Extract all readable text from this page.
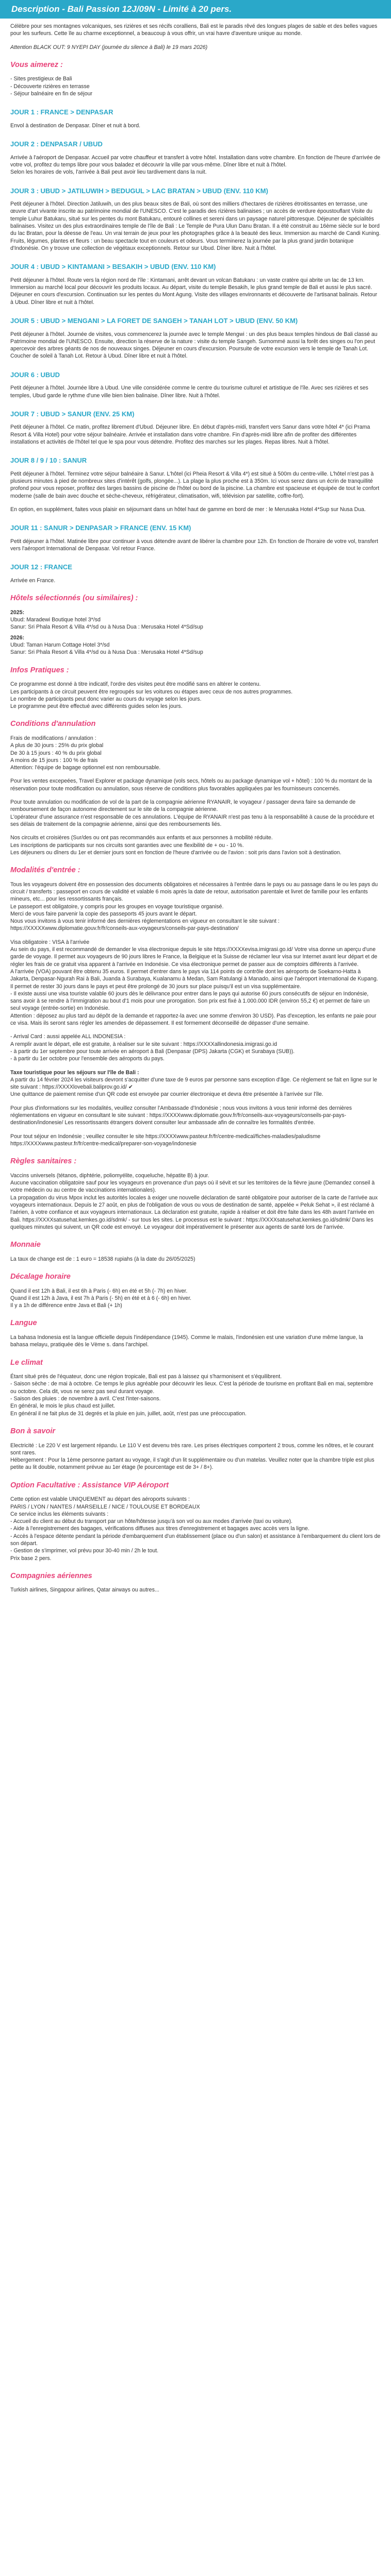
Description - Bali Passion 12J/09N - Limité à 20 pers.

Célèbre pour ses montagnes volcaniques, ses rizières et ses récifs coralliens, Bali est le paradis rêvé des longues plages de sable et des belles vagues pour les surfeurs. Cette île au charme exceptionnel, a beaucoup à vous offrir, un vrai havre d'aventure unique au monde.

Attention BLACK OUT: 9 NYEPI DAY (journée du silence à Bali) le 19 mars 2026)

Vous aimerez :
- Sites prestigieux de Bali
- Découverte rizières en terrasse
- Séjour balnéaire en fin de séjour
JOUR 1 : FRANCE > DENPASAR

Envol à destination de Denpasar. Dîner et nuit à bord.

JOUR 2 : DENPASAR / UBUD

Arrivée à l'aéroport de Denpasar. Accueil par votre chauffeur et transfert à votre hôtel. Installation dans votre chambre. En fonction de l'heure d'arrivée de votre vol, profitez du temps libre pour vous baladez et découvrir la ville par vous-même. Dîner libre et nuit à l'hôtel.
Selon les horaires de vols, l'arrivée à Bali peut avoir lieu tardivement dans la nuit.

JOUR 3 : UBUD > JATILUWIH > BEDUGUL > LAC BRATAN > UBUD (ENV. 110 KM)

Petit déjeuner à l'hôtel. Direction Jatiluwih, un des plus beaux sites de Bali, où sont des milliers d'hectares de rizières étroitissantes en terrasse, une œuvre d'art vivante inscrite au patrimoine mondial de l'UNESCO. C'est le paradis des rizières balinaises ; un accès de verdure époustouflant Visite du temple Luhur Batukaru, situé sur les pentes du mont Batukaru, entouré collines et sereni dans un paysage naturel pittoresque. Déjeuner de spécialités balinaises. Visitez un des plus extraordinaires temple de l'île de Bali : Le Temple de Pura Ulun Danu Bratan. Il a été construit au 16ème siècle sur le bord du lac Bratan, pour la déesse de l'eau. Un vrai terrain de jeux pour les photographes grâce à la beauté des lieux. Immersion au marché de Candi Kuning. Fruits, légumes, plantes et fleurs : un beau spectacle tout en couleurs et odeurs. Vous terminerez la journée par la plus grand jardin botanique d'Indonésie. On y trouve une collection de végétaux exceptionnels. Retour sur Ubud. Dîner libre. Nuit à l'hôtel.

JOUR 4 : UBUD > KINTAMANI > BESAKIH > UBUD (ENV. 110 KM)

Petit déjeuner à l'hôtel. Route vers la région nord de l'île : Kintamani, arrêt devant un volcan Batukaru : un vaste cratère qui abrite un lac de 13 km. Immersion au marché local pour découvrir les produits locaux. Au départ, visite du temple Besakih, le plus grand temple de Bali et aussi le plus sacré. Déjeuner en cours d'excursion. Continuation sur les pentes du Mont Agung. Visite des villages environnants et découverte de l'artisanat balinais. Retour à Ubud. Dîner libre et nuit à l'hôtel.

JOUR 5 : UBUD > MENGANI > LA FORET DE SANGEH > TANAH LOT > UBUD (ENV. 50 KM)

Petit déjeuner à l'hôtel. Journée de visites, vous commencerez la journée avec le temple Mengwi : un des plus beaux temples hindous de Bali classé au Patrimoine mondial de l'UNESCO. Ensuite, direction la réserve de la nature : visite du temple Sangeh. Surnommé aussi la forêt des singes ou l'on peut apercevoir des arbres géants de nos de nouveaux singes. Déjeuner en cours d'excursion. Poursuite de votre excursion vers le temple de Tanah Lot. Coucher de soleil à Tanah Lot. Retour à Ubud. Dîner libre et nuit à l'hôtel.

JOUR 6 : UBUD

Petit déjeuner à l'hôtel. Journée libre à Ubud. Une ville considérée comme le centre du tourisme culturel et artistique de l'île. Avec ses rizières et ses temples, Ubud garde le rythme d'une ville bien bien balinaise. Dîner libre. Nuit à l'hôtel.

JOUR 7 : UBUD > SANUR (ENV. 25 KM)

Petit déjeuner à l'hôtel. Ce matin, profitez librement d'Ubud. Déjeuner libre. En début d'après-midi, transfert vers Sanur dans votre hôtel 4* (ici Prama Resort & Villa Hotel) pour votre séjour balnéaire. Arrivée et installation dans votre chambre. Fin d'après-midi libre afin de profiter des différentes installations et activités de l'hôtel tel que le spa pour vous détendre. Profitez des marches sur les plages. Repas libres. Nuit à l'hôtel.

JOUR 8 / 9 / 10 : SANUR

Petit déjeuner à l'hôtel. Terminez votre séjour balnéaire à Sanur. L'hôtel (ici Pheia Resort & Villa 4*) est situé à 500m du centre-ville. L'hôtel n'est pas à plusieurs minutes à pied de nombreux sites d'intérêt (golfs, plongée...). La plage la plus proche est à 350m. Ici vous serez dans un écrin de tranquillité profond pour vous reposer, profitez des larges bassins de piscine de l'hôtel ou bord de la piscine. La chambre est spacieuse et équipée de tout le confort moderne (salle de bain avec douche et sèche-cheveux, réfrigérateur, climatisation, wifi, télévision par satellite, coffre-fort).

En option, en supplément, faites vous plaisir en séjournant dans un hôtel haut de gamme en bord de mer : le Merusaka Hotel 4*Sup sur Nusa Dua.

JOUR 11 : SANUR > DENPASAR > FRANCE (ENV. 15 KM)

Petit déjeuner à l'hôtel. Matinée libre pour continuer à vous détendre avant de libérer la chambre pour 12h. En fonction de l'horaire de votre vol, transfert vers l'aéroport International de Denpasar. Vol retour France.

JOUR 12 : FRANCE

Arrivée en France.

Hôtels sélectionnés (ou similaires) :
2025:
Ubud: Maradewi Boutique hotel 3*/sd
Sanur: Sri Phala Resort & Villa 4*/sd ou à Nusa Dua : Merusaka Hotel 4*Sd/sup
2026:
Ubud: Taman Harum Cottage Hotel 3*/sd
Sanur: Sri Phala Resort & Villa 4*/sd ou à Nusa Dua : Merusaka Hotel 4*Sd/sup
Infos Pratiques :

Ce programme est donné à titre indicatif, l'ordre des visites peut être modifié sans en altérer le contenu.
Les participants à ce circuit peuvent être regroupés sur les voitures ou étapes avec ceux de nos autres programmes.
Le nombre de participants peut donc varier au cours du voyage selon les jours.
Le programme peut être effectué avec différents guides selon les jours.

Conditions d'annulation

Frais de modifications / annulation :
A plus de 30 jours : 25% du prix global
De 30 à 15 jours : 40 % du prix global
A moins de 15 jours : 100 % de frais
Attention: l'équipe de bagage optionnel est non remboursable.

Pour les ventes excepeées, Travel Explorer et package dynamique (vols secs, hôtels ou au package dynamique vol + hôtel) : 100 % du montant de la réservation pour toute modification ou annulation, sous réserve de conditions plus favorables appliquées par les fournisseurs concernés.

Pour toute annulation ou modification de vol de la part de la compagnie aérienne RYANAIR, le voyageur / passager devra faire sa demande de remboursement de façon autonome directement sur le site de la compagnie aérienne.
L'opérateur d'une assurance n'est responsable de ces annulations. L'équipe de RYANAIR n'est pas tenu à la responsabilité à cause de la procédure et ses délais de traitement de la compagnie aérienne, ainsi que des remboursements liés.

Nos circuits et croisières (Sur/des ou ont pas recommandés aux enfants et aux personnes à mobilité réduite.
Les inscriptions de participants sur nos circuits sont garanties avec une flexibilité de + ou - 10 %.
Les déjeuners ou dîners du 1er et dernier jours sont en fonction de l'heure d'arrivée ou de l'avion : soit pris dans l'avion soit à destination.

Modalités d'entrée :

Tous les voyageurs doivent être en possession des documents obligatoires et nécessaires à l'entrée dans le pays ou au passage dans le ou les pays du circuit / transferts : passeport en cours de validité et valable 6 mois après la date de retour, autorisation parentale et livret de famille pour les enfants mineurs, etc... pour les ressortissants français.
Le passeport est obligatoire, y compris pour les groupes en voyage touristique organisé.
Merci de vous faire parvenir la copie des passeports 45 jours avant le départ.
Nous vous invitons à vous tenir informé des dernières réglementations en vigueur en consultant le site suivant : https://XXXXXwww.diplomatie.gouv.fr/fr/conseils-aux-voyageurs/conseils-par-pays-destination/

Visa obligatoire : VISA à l'arrivée
Au sein du pays, il est recommandé de demander le visa électronique depuis le site https://XXXXevisa.imigrasi.go.id/ Votre visa donne un aperçu d'une garde de voyage. Il permet aux voyageurs de 90 jours libres le France, la Belgique et la Suisse de réclamer leur visa sur Internet avant leur départ et de régler les frais de ce gratuit visa apparent à l'arrivée en Indonésie. Ce visa électronique permet de passer aux de comptoirs différents à l'arrivée.
A l'arrivée (VOA) pouvant être obtenu 35 euros. Il permet d'entrer dans le pays via 114 points de contrôle dont les aéroports de Soekarno-Hatta à Jakarta, Denpasar-Ngurah Rai à Bali, Juanda à Surabaya, Kualanamu à Medan, Sam Ratulangi à Manado, ainsi que l'aéroport international de Kupang. Il permet de rester 30 jours dans le pays et peut être prolongé de 30 jours sur place puisqu'il est un visa supplémentaire.
- Il existe aussi une visa touriste valable 60 jours dès le délivrance pour entrer dans le pays qui autorise 60 jours consécutifs de séjour en Indonésie, sans avoir à se rendre à l'immigration au bout d'1 mois pour une prorogation. Son prix est fixé à 1.000.000 IDR (environ 55,2 €) et permet de faire un seul voyage (entrée-sortie) en Indonésie.
Attention : déposez au plus tard au dépôt de la demande et rapportez-la avec une somme d'environ 30 USD). Pas d'exception, les enfants ne paie pour ce visa. Mais ils seront sans régler les amendes de dépassement. Il est formement déconseillé de dépasser d'une semaine.

- Arrival Card : aussi appelée ALL INDONESIA :
A remplir avant le départ, elle est gratuite, à réaliser sur le site suivant : https://XXXXallindonesia.imigrasi.go.id
- à partir du 1er septembre pour toute arrivée en aéroport à Bali (Denpasar (DPS) Jakarta (CGK) et Surabaya (SUB)).
- à partir du 1er octobre pour l'ensemble des aéroports du pays.

Taxe touristique pour les séjours sur l'île de Bali :

A partir du 14 février 2024 les visiteurs devront s'acquitter d'une taxe de 9 euros par personne sans exception d'âge. Ce règlement se fait en ligne sur le site suivant : https://XXXXlovebali.baliprov.go.id/ ✔
Une quittance de paiement remise d'un QR code est envoyée par courrier électronique et devra être présentée à l'arrivée sur l'île.

Pour plus d'informations sur les modalités, veuillez consulter l'Ambassade d'Indonésie ; nous vous invitons à vous tenir informé des dernières réglementations en vigueur en consultant le site suivant : https://XXXXwww.diplomatie.gouv.fr/fr/conseils-aux-voyageurs/conseils-par-pays-destination/indonesie/ Les ressortissants étrangers doivent consulter leur ambassade afin de connaître les formalités d'entrée.

Pour tout séjour en Indonésie ; veuillez consulter le site https://XXXXwww.pasteur.fr/fr/centre-medical/fiches-maladies/paludisme
https://XXXXwww.pasteur.fr/fr/centre-medical/preparer-son-voyage/indonesie

Règles sanitaires :

Vaccins universels (tétanos, diphtérie, poliomyélite, coqueluche, hépatite B) à jour.
Aucune vaccination obligatoire sauf pour les voyageurs en provenance d'un pays où il sévit et sur les territoires de la fièvre jaune (Demandez conseil à votre médecin ou au centre de vaccinations internationales).
La propagation du virus Mpox inclut les autorités locales à exiger une nouvelle déclaration de santé obligatoire pour autoriser de la carte de l'arrivée aux voyageurs internationaux. Depuis le 27 août, en plus de l'obligation de vous ou vous de destination de santé, appelée « Peluk Sehat », il est réclamé à l'aérien, à votre confiance et aux voyageurs internationaux. La déclaration est gratuite, rapide à réaliser et doit être faite dans les 48h avant l'arrivée en Bali. https://XXXXsatusehat.kemkes.go.id/sdmk/ - sur tous les sites. Le processus est le suivant : https://XXXXsatusehat.kemkes.go.id/sdmk/ Dans les quelques minutes qui suivent, un QR code est envoyé. Le voyageur doit impérativement le présenter aux agents de santé lors de l'arrivée.

Monnaie

La taux de change est de : 1 euro = 18538 rupiahs (à la date du 26/05/2025)

Décalage horaire

Quand il est 12h à Bali, il est 6h à Paris (- 6h) en été et 5h (- 7h) en hiver.
Quand il est 12h à Java, il est 7h à Paris (- 5h) en été et à 6 (- 6h) en hiver.
Il y a 1h de différence entre Java et Bali (+ 1h)

Langue

La bahasa Indonesia est la langue officielle depuis l'indépendance (1945). Comme le malais, l'indonésien est une variation d'une même langue, la bahasa melayu, pratiquée dès le Vème s. dans l'archipel.

Le climat

Étant situé près de l'équateur, donc une région tropicale, Bali est pas à laissez qui s'harmonisent et s'équilibrent.
- Saison sèche : de mai à octobre. Ce temps le plus agréable pour découvrir les lieux. C'est la période de tourisme en profitant Bali en mai, septembre ou octobre. Cela dit, vous ne serez pas seul durant voyage.
- Saison des pluies : de novembre à avril. C'est l'inter-saisons.
En général, le mois le plus chaud est juillet.
En général il ne fait plus de 31 degrés et la pluie en juin, juillet, août, n'est pas une préoccupation.

Bon à savoir

Electricité : Le 220 V est largement répandu. Le 110 V est devenu très rare. Les prises électriques comportent 2 trous, comme les nôtres, et le courant sont rares.
Hébergement : Pour la 1ème personne partant au voyage, il s'agit d'un lit supplémentaire ou d'un matelas. Veuillez noter que la chambre triple est plus petite au lit double, notamment prévue au 1er étage (le pourcentage est de 3+ / 8+).

Option Facultative : Assistance VIP Aéroport

Cette option est valable UNIQUEMENT au départ des aéroports suivants :
PARIS / LYON / NANTES / MARSEILLE / NICE / TOULOUSE ET BORDEAUX
Ce service inclus les éléments suivants :
- Accueil du client au début du transport par un hôte/hôtesse jusqu'à son vol ou aux modes d'arrivée (taxi ou voiture).
- Aide à l'enregistrement des bagages, vérifications diffuses aux titres d'enregistrement et bagages avec accès vers la ligne.
- Accès à l'espace détente pendant la période d'embarquement d'un établissement (place ou d'un salon) et assistance à l'embarquement du client lors de son départ.
- Gestion de s'imprimer, vol prévu pour 30-40 min / 2h le tout.
Prix base 2 pers.

Compagnies aériennes

Turkish airlines, Singapour airlines, Qatar airways ou autres...
